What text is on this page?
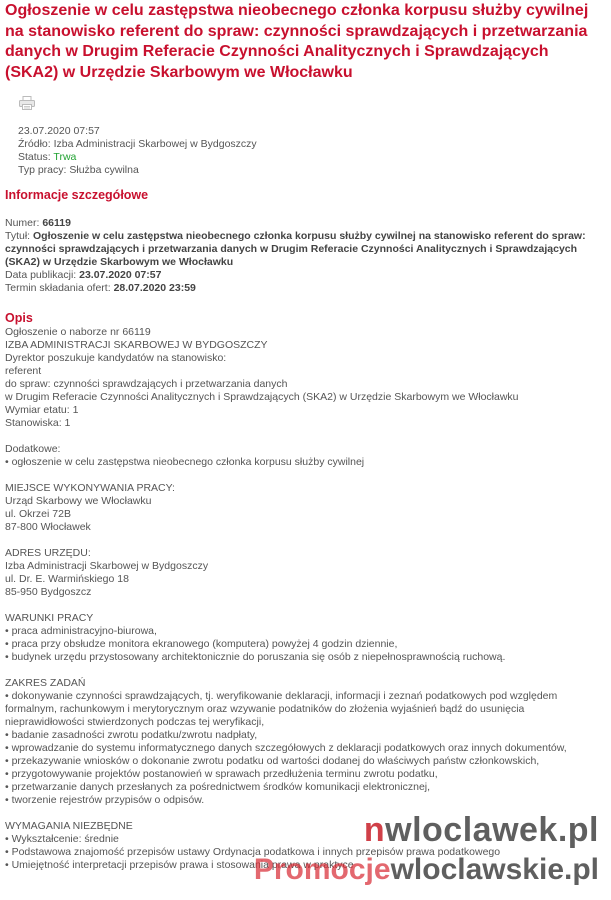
Ogłoszenie w celu zastępstwa nieobecnego członka korpusu służby cywilnej na stanowisko referent do spraw: czynności sprawdzających i przetwarzania danych w Drugim Referacie Czynności Analitycznych i Sprawdzających (SKA2) w Urzędzie Skarbowym we Włocławku
23.07.2020 07:57
Źródło: Izba Administracji Skarbowej w Bydgoszczy
Status: Trwa
Typ pracy: Służba cywilna
Informacje szczegółowe
Numer: 66119
Tytuł: Ogłoszenie w celu zastępstwa nieobecnego członka korpusu służby cywilnej na stanowisko referent do spraw: czynności sprawdzających i przetwarzania danych w Drugim Referacie Czynności Analitycznych i Sprawdzających (SKA2) w Urzędzie Skarbowym we Włocławku
Data publikacji: 23.07.2020 07:57
Termin składania ofert: 28.07.2020 23:59
Opis
Ogłoszenie o naborze nr 66119
IZBA ADMINISTRACJI SKARBOWEJ W BYDGOSZCZY
Dyrektor poszukuje kandydatów na stanowisko:
referent
do spraw: czynności sprawdzających i przetwarzania danych
w Drugim Referacie Czynności Analitycznych i Sprawdzających (SKA2) w Urzędzie Skarbowym we Włocławku
Wymiar etatu: 1
Stanowiska: 1
Dodatkowe:
• ogłoszenie w celu zastępstwa nieobecnego członka korpusu służby cywilnej
MIEJSCE WYKONYWANIA PRACY:
Urząd Skarbowy we Włocławku
ul. Okrzei 72B
87-800 Włocławek
ADRES URZĘDU:
Izba Administracji Skarbowej w Bydgoszczy
ul. Dr. E. Warmińskiego 18
85-950 Bydgoszcz
WARUNKI PRACY
• praca administracyjno-biurowa,
• praca przy obsłudze monitora ekranowego (komputera) powyżej 4 godzin dziennie,
• budynek urzędu przystosowany architektonicznie do poruszania się osób z niepełnosprawnością ruchową.
ZAKRES ZADAŃ
• dokonywanie czynności sprawdzających, tj. weryfikowanie deklaracji, informacji i zeznań podatkowych pod względem formalnym, rachunkowym i merytorycznym oraz wzywanie podatników do złożenia wyjaśnień bądź do usunięcia nieprawidłowości stwierdzonych podczas tej weryfikacji,
• badanie zasadności zwrotu podatku/zwrotu nadpłaty,
• wprowadzanie do systemu informatycznego danych szczegółowych z deklaracji podatkowych oraz innych dokumentów,
• przekazywanie wniosków o dokonanie zwrotu podatku od wartości dodanej do właściwych państw członkowskich,
• przygotowywanie projektów postanowień w sprawach przedłużenia terminu zwrotu podatku,
• przetwarzanie danych przesłanych za pośrednictwem środków komunikacji elektronicznej,
• tworzenie rejestrów przypisów o odpisów.
WYMAGANIA NIEZBĘDNE
• Wykształcenie: średnie
• Podstawowa znajomość przepisów ustawy Ordynacja podatkowa i innych przepisów prawa podatkowego
• Umiejętność interpretacji przepisów prawa i stosowania prawa w praktyce
nwloclawek.pl
Promocjewloclawskie.pl
